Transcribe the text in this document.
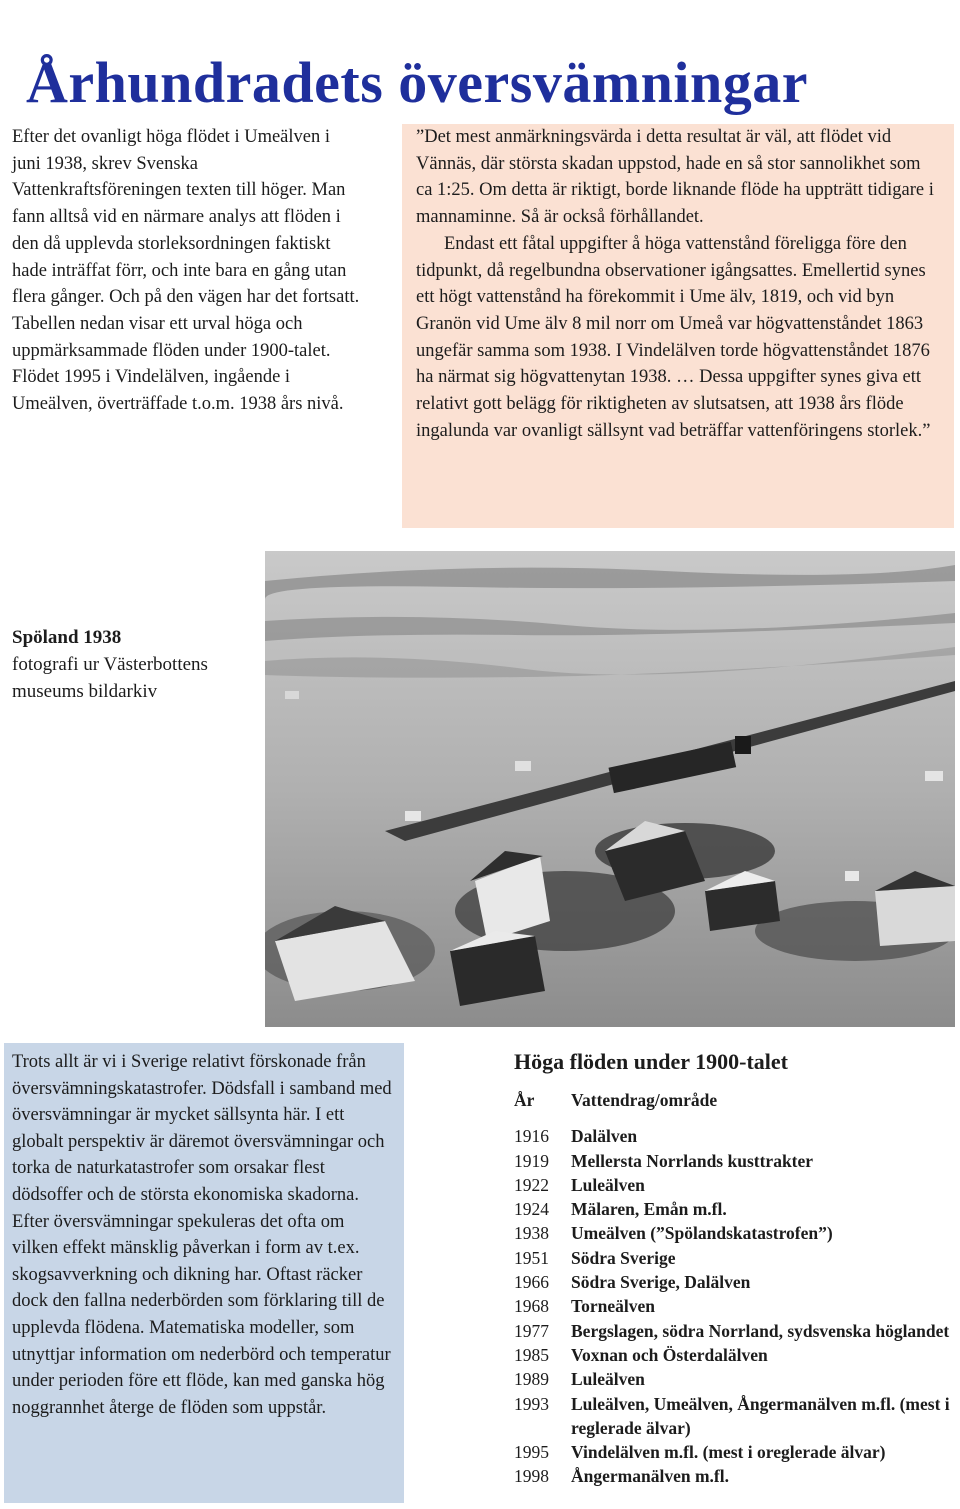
Århundradets översvämningar

Efter det ovanligt höga flödet i Umeälven i juni 1938, skrev Svenska Vattenkraftsföreningen texten till höger. Man fann alltså vid en närmare analys att flöden i den då upplevda storleksordningen faktiskt hade inträffat förr, och inte bara en gång utan flera gånger. Och på den vägen har det fortsatt. Tabellen nedan visar ett urval höga och uppmärksammade flöden under 1900-talet. Flödet 1995 i Vindelälven, ingående i Umeälven, överträffade t.o.m. 1938 års nivå.

”Det mest anmärkningsvärda i detta resultat är väl, att flödet vid Vännäs, där största skadan uppstod, hade en så stor sannolikhet som ca 1:25. Om detta är riktigt, borde liknande flöde ha uppträtt tidigare i mannaminne. Så är också förhållandet.

Endast ett fåtal uppgifter å höga vattenstånd föreligga före den tidpunkt, då regelbundna observationer igångsattes. Emellertid synes ett högt vattenstånd ha förekommit i Ume älv, 1819, och vid byn Granön vid Ume älv 8 mil norr om Umeå var högvattenståndet 1863 ungefär samma som 1938. I Vindelälven torde högvattenståndet 1876 ha närmat sig högvattenytan 1938. … Dessa uppgifter synes giva ett relativt gott belägg för riktigheten av slutsatsen, att 1938 års flöde ingalunda var ovanligt sällsynt vad beträffar vattenföringens storlek.”

Spöland 1938
fotografi ur Västerbottens museums bildarkiv

Trots allt är vi i Sverige relativt förskonade från översvämningskatastrofer. Dödsfall i samband med översvämningar är mycket sällsynta här. I ett globalt perspektiv är däremot översvämningar och torka de naturkatastrofer som orsakar flest dödsoffer och de största ekonomiska skadorna. Efter översvämningar spekuleras det ofta om vilken effekt mänsklig påverkan i form av t.ex. skogsavverkning och dikning har. Oftast räcker dock den fallna nederbörden som förklaring till de upplevda flödena. Matematiska modeller, som utnyttjar information om nederbörd och temperatur under perioden före ett flöde, kan med ganska hög noggrannhet återge de flöden som uppstår.

Höga flöden under 1900-talet
År	Vattendrag/område
1916	Dalälven
1919	Mellersta Norrlands kusttrakter
1922	Luleälven
1924	Mälaren, Emån m.fl.
1938	Umeälven (”Spölandskatastrofen”)
1951	Södra Sverige
1966	Södra Sverige, Dalälven
1968	Torneälven
1977	Bergslagen, södra Norrland, sydsvenska höglandet
1985	Voxnan och Österdalälven
1989	Luleälven
1993	Luleälven, Umeälven, Ångermanälven m.fl. (mest i reglerade älvar)
1995	Vindelälven m.fl. (mest i oreglerade älvar)
1998	Ångermanälven m.fl.
